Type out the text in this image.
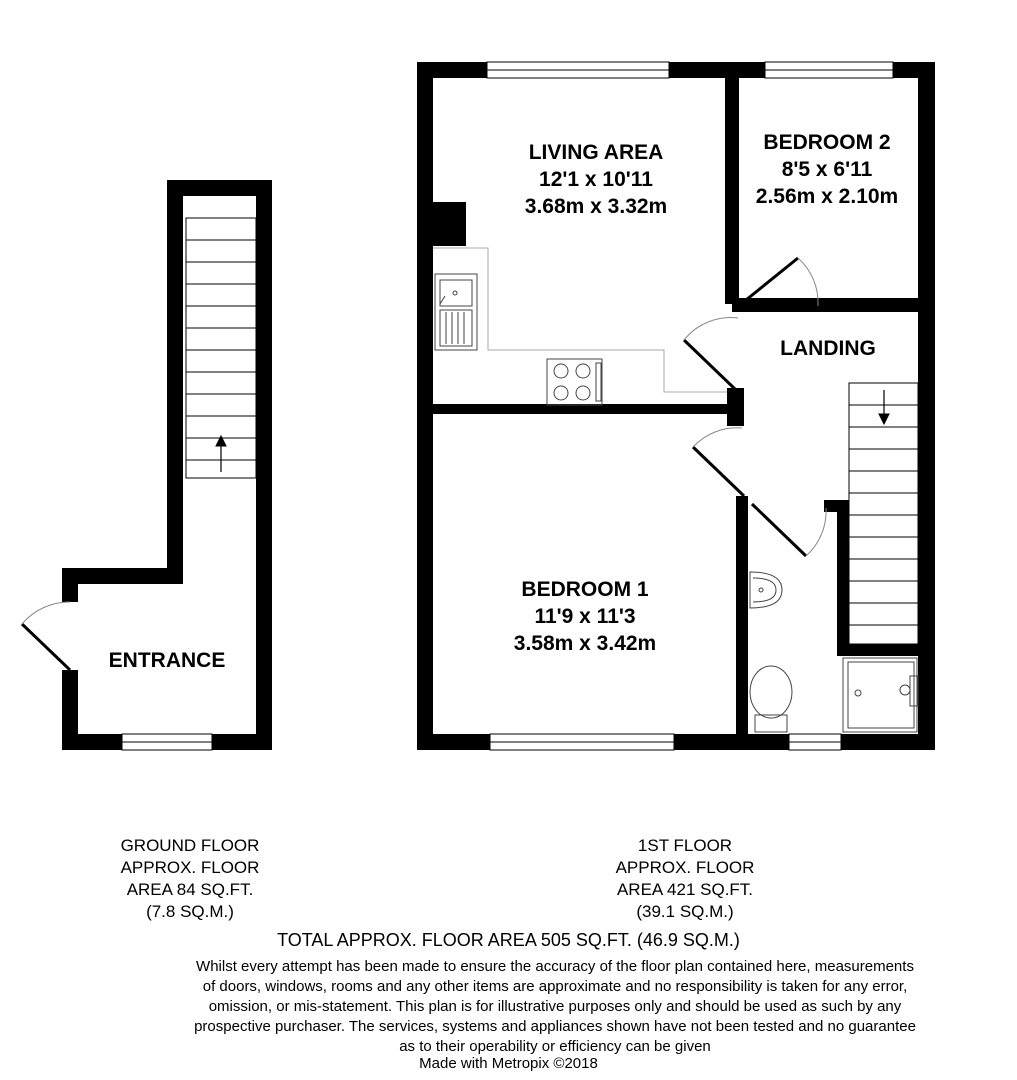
ENTRANCE
LIVING AREA
12'1 x 10'11
3.68m x 3.32m
BEDROOM 2
8'5 x 6'11
2.56m x 2.10m
LANDING
BEDROOM 1
11'9 x 11'3
3.58m x 3.42m
GROUND FLOOR
APPROX. FLOOR
AREA 84 SQ.FT.
(7.8 SQ.M.)
1ST FLOOR
APPROX. FLOOR
AREA 421 SQ.FT.
(39.1 SQ.M.)
TOTAL APPROX. FLOOR AREA 505 SQ.FT. (46.9 SQ.M.)
Whilst every attempt has been made to ensure the accuracy of the floor plan contained here, measurements
of doors, windows, rooms and any other items are approximate and no responsibility is taken for any error,
omission, or mis-statement. This plan is for illustrative purposes only and should be used as such by any
prospective purchaser. The services, systems and appliances shown have not been tested and no guarantee
as to their operability or efficiency can be given
Made with Metropix ©2018
